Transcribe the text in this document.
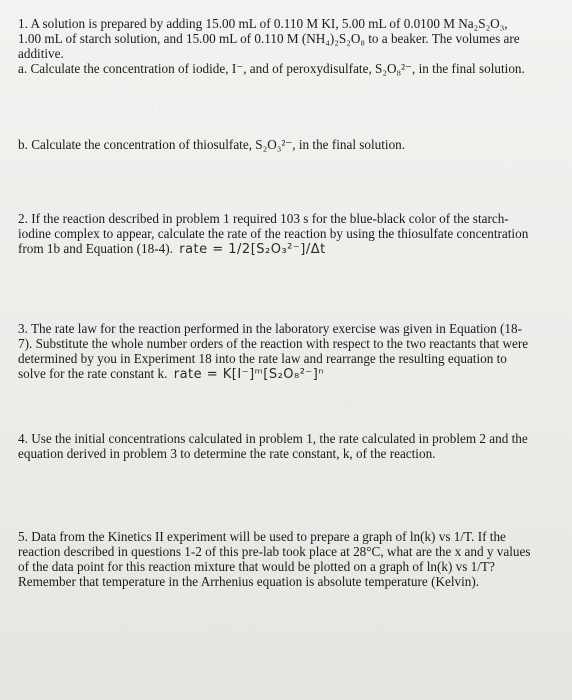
· · ·
· · ·
· · ·

1. A solution is prepared by adding 15.00 mL of 0.110 M KI, 5.00 mL of 0.0100 M Na₂S₂O₃,

1.00 mL of starch solution, and 15.00 mL of 0.110 M (NH₄)₂S₂O₈ to a beaker. The volumes are

additive.

a. Calculate the concentration of iodide, I⁻, and of peroxydisulfate, S₂O₈²⁻, in the final solution.

b. Calculate the concentration of thiosulfate, S₂O₃²⁻, in the final solution.

2. If the reaction described in problem 1 required 103 s for the blue-black color of the starch-

iodine complex to appear, calculate the rate of the reaction by using the thiosulfate concentration

from 1b and Equation (18-4). rate = 1/2[S₂O₃²⁻]/Δt

3. The rate law for the reaction performed in the laboratory exercise was given in Equation (18-

7). Substitute the whole number orders of the reaction with respect to the two reactants that were

determined by you in Experiment 18 into the rate law and rearrange the resulting equation to

solve for the rate constant k. rate = K[I⁻]ᵐ[S₂O₈²⁻]ⁿ

4. Use the initial concentrations calculated in problem 1, the rate calculated in problem 2 and the

equation derived in problem 3 to determine the rate constant, k, of the reaction.

5. Data from the Kinetics II experiment will be used to prepare a graph of ln(k) vs 1/T. If the

reaction described in questions 1-2 of this pre-lab took place at 28°C, what are the x and y values

of the data point for this reaction mixture that would be plotted on a graph of ln(k) vs 1/T?

Remember that temperature in the Arrhenius equation is absolute temperature (Kelvin).
